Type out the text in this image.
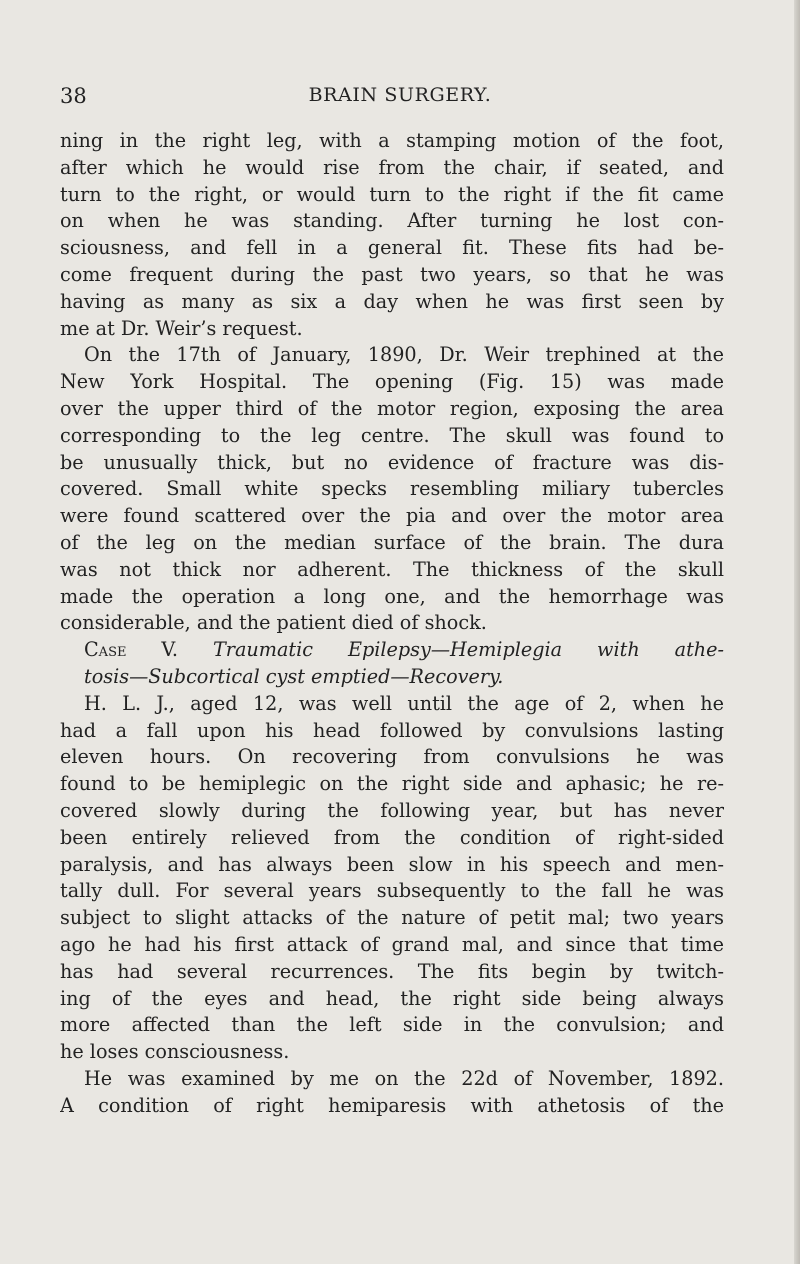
38	BRAIN SURGERY.
ning in the right leg, with a stamping motion of the foot,
after which he would rise from the chair, if seated, and
turn to the right, or would turn to the right if the fit came
on when he was standing. After turning he lost con-
sciousness, and fell in a general fit. These fits had be-
come frequent during the past two years, so that he was
having as many as six a day when he was first seen by
me at Dr. Weir’s request.
On the 17th of January, 1890, Dr. Weir trephined at the
New York Hospital. The opening (Fig. 15) was made
over the upper third of the motor region, exposing the area
corresponding to the leg centre. The skull was found to
be unusually thick, but no evidence of fracture was dis-
covered. Small white specks resembling miliary tubercles
were found scattered over the pia and over the motor area
of the leg on the median surface of the brain. The dura
was not thick nor adherent. The thickness of the skull
made the operation a long one, and the hemorrhage was
considerable, and the patient died of shock.
Case V. Traumatic Epilepsy—Hemiplegia with athe-
tosis—Subcortical cyst emptied—Recovery.
H. L. J., aged 12, was well until the age of 2, when he
had a fall upon his head followed by convulsions lasting
eleven hours. On recovering from convulsions he was
found to be hemiplegic on the right side and aphasic; he re-
covered slowly during the following year, but has never
been entirely relieved from the condition of right-sided
paralysis, and has always been slow in his speech and men-
tally dull. For several years subsequently to the fall he was
subject to slight attacks of the nature of petit mal; two years
ago he had his first attack of grand mal, and since that time
has had several recurrences. The fits begin by twitch-
ing of the eyes and head, the right side being always
more affected than the left side in the convulsion; and
he loses consciousness.
He was examined by me on the 22d of November, 1892.
A condition of right hemiparesis with athetosis of the
